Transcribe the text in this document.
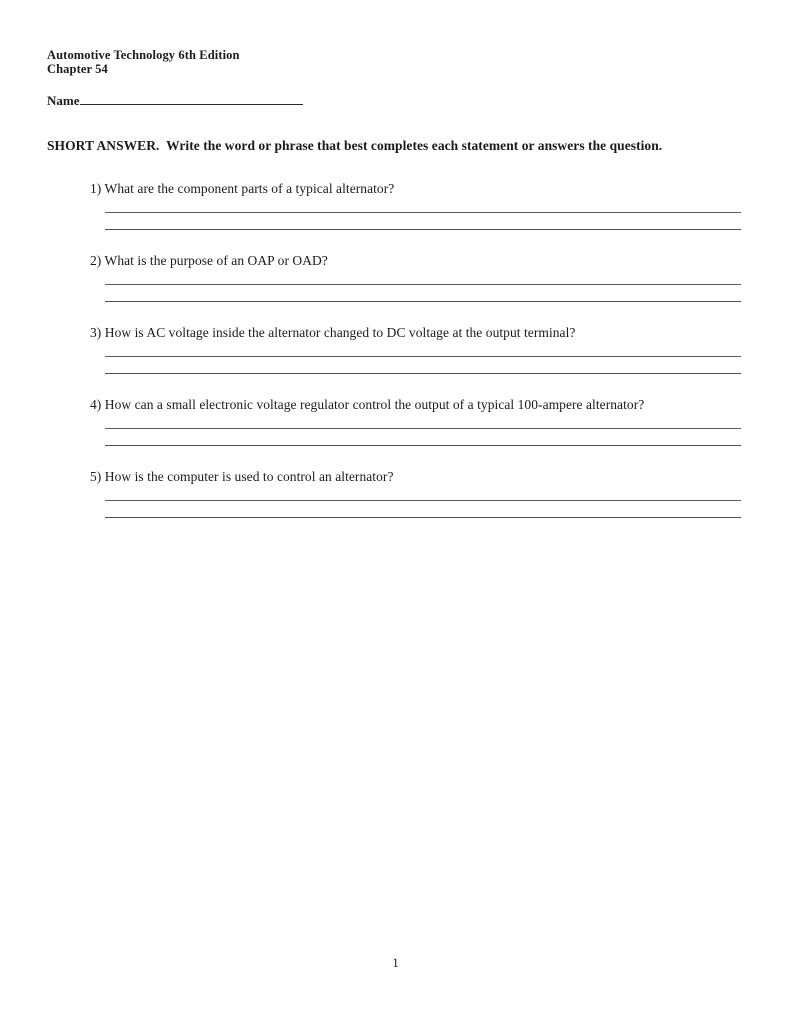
Automotive Technology 6th Edition

Chapter 54

Name

SHORT ANSWER.  Write the word or phrase that best completes each statement or answers the question.

1) What are the component parts of a typical alternator?

2) What is the purpose of an OAP or OAD?

3) How is AC voltage inside the alternator changed to DC voltage at the output terminal?

4) How can a small electronic voltage regulator control the output of a typical 100-ampere alternator?

5) How is the computer is used to control an alternator?

1
